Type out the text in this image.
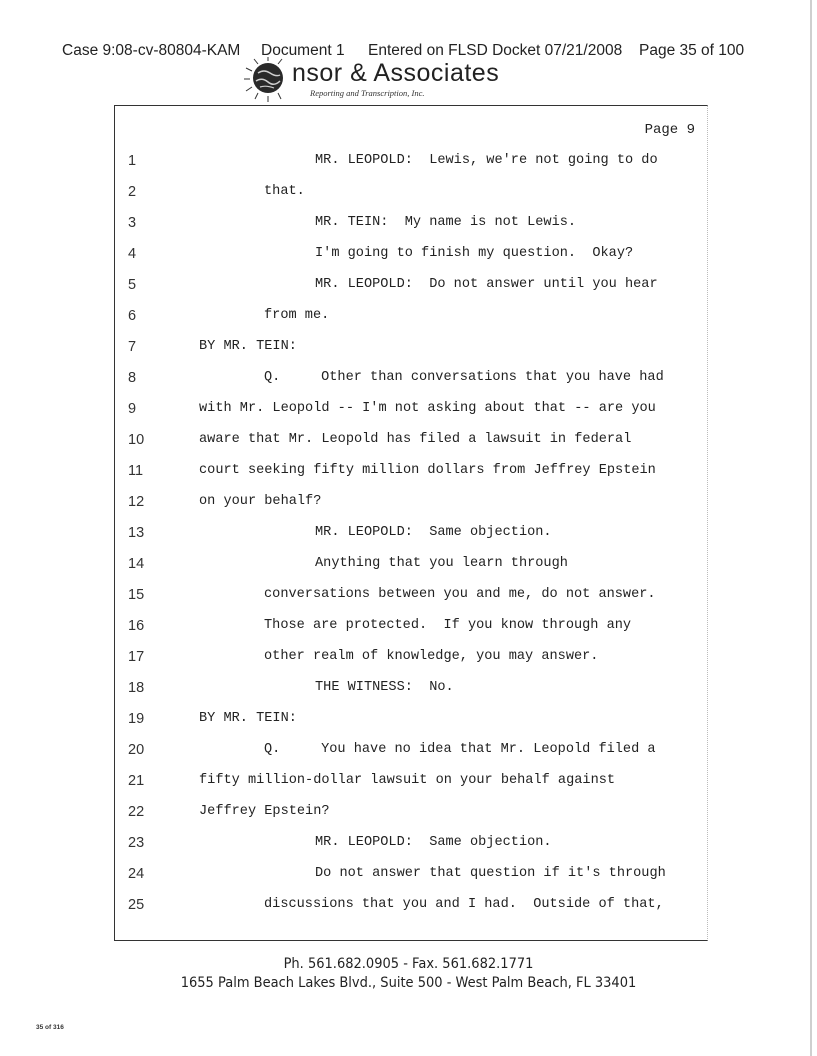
Case 9:08-cv-80804-KAM Document 1 Entered on FLSD Docket 07/21/2008 Page 35 of 100
nsor & Associates
Reporting and Transcription, Inc.
Page 9
1	MR. LEOPOLD:  Lewis, we're not going to do
2	that.
3	MR. TEIN:  My name is not Lewis.
4	I'm going to finish my question.  Okay?
5	MR. LEOPOLD:  Do not answer until you hear
6	from me.
7	BY MR. TEIN:
8	Q.     Other than conversations that you have had
9	with Mr. Leopold -- I'm not asking about that -- are you
10	aware that Mr. Leopold has filed a lawsuit in federal
11	court seeking fifty million dollars from Jeffrey Epstein
12	on your behalf?
13	MR. LEOPOLD:  Same objection.
14	Anything that you learn through
15	conversations between you and me, do not answer.
16	Those are protected.  If you know through any
17	other realm of knowledge, you may answer.
18	THE WITNESS:  No.
19	BY MR. TEIN:
20	Q.     You have no idea that Mr. Leopold filed a
21	fifty million-dollar lawsuit on your behalf against
22	Jeffrey Epstein?
23	MR. LEOPOLD:  Same objection.
24	Do not answer that question if it's through
25	discussions that you and I had.  Outside of that,
Ph. 561.682.0905 - Fax. 561.682.1771
1655 Palm Beach Lakes Blvd., Suite 500 - West Palm Beach, FL 33401
35 of 316
